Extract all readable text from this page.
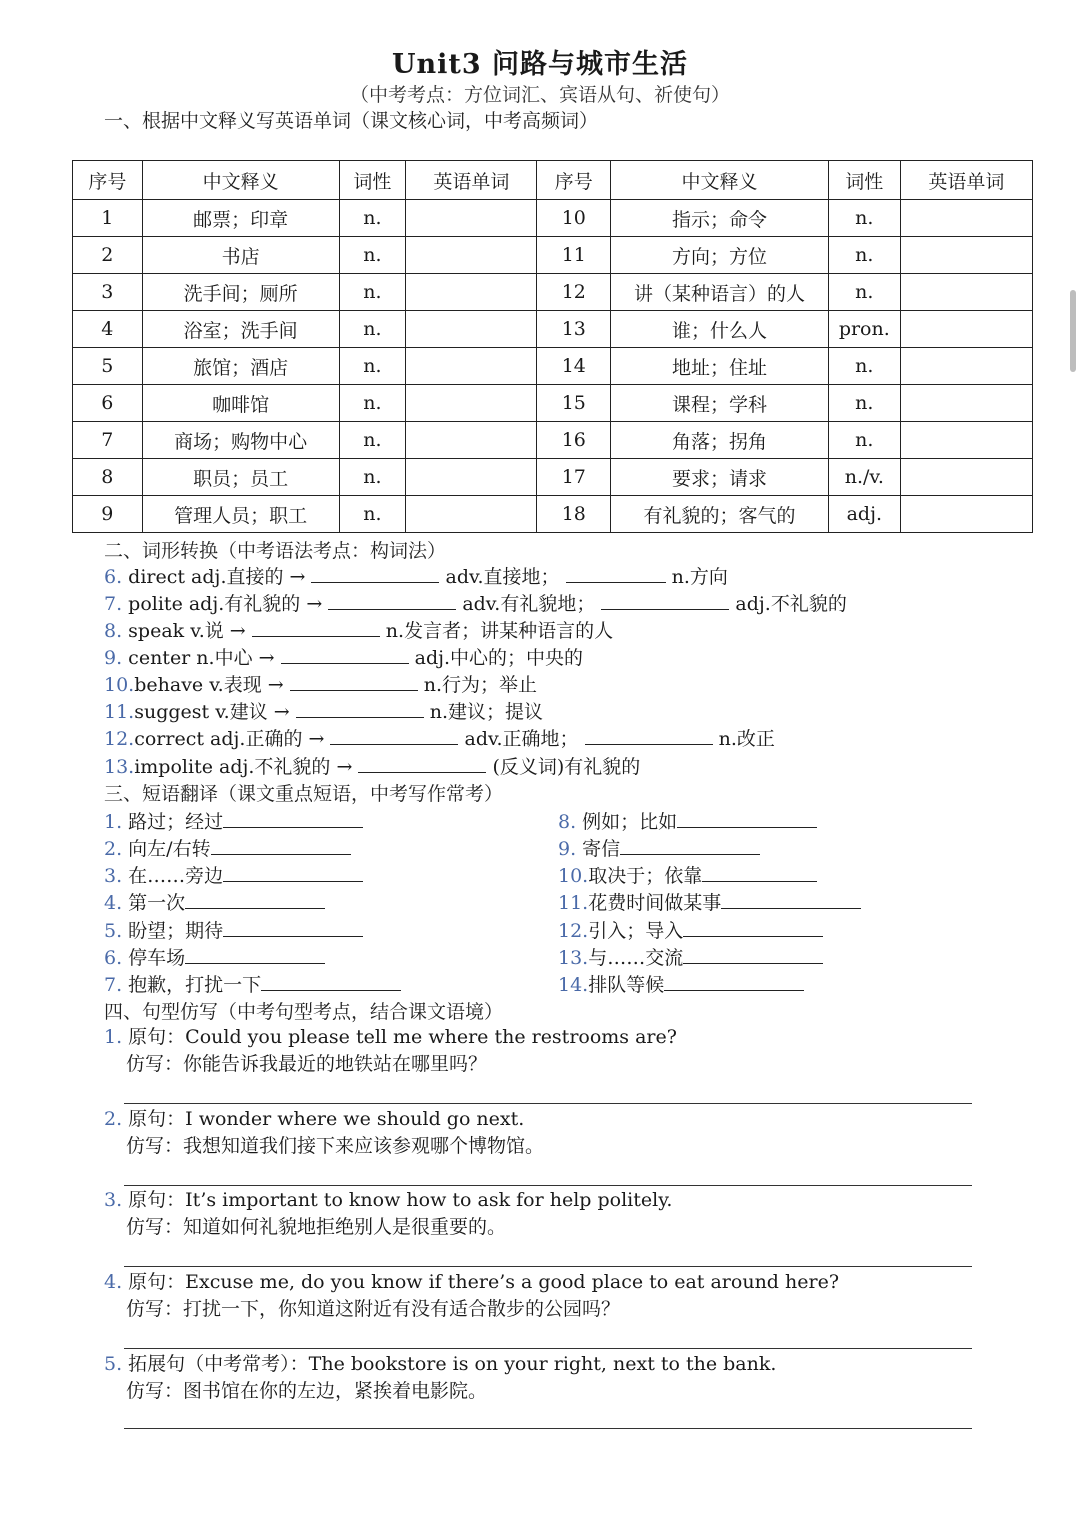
Unit3 问路与城市生活
（中考考点：方位词汇、宾语从句、祈使句）
一、根据中文释义写英语单词（课文核心词，中考高频词）
序号	中文释义	词性	英语单词	序号	中文释义	词性	英语单词
1	邮票；印章	n.		10	指示；命令	n.	
2	书店	n.		11	方向；方位	n.	
3	洗手间；厕所	n.		12	讲（某种语言）的人	n.	
4	浴室；洗手间	n.		13	谁；什么人	pron.	
5	旅馆；酒店	n.		14	地址；住址	n.	
6	咖啡馆	n.		15	课程；学科	n.	
7	商场；购物中心	n.		16	角落；拐角	n.	
8	职员；员工	n.		17	要求；请求	n./v.	
9	管理人员；职工	n.		18	有礼貌的；客气的	adj.	
二、词形转换（中考语法考点：构词法）
6. direct adj.直接的 →	adv.直接地；	n.方向
7. polite adj.有礼貌的 →	adv.有礼貌地；	adj.不礼貌的
8. speak v.说 →	n.发言者；讲某种语言的人
9. center n.中心 →	adj.中心的；中央的
10.behave v.表现 →	n.行为；举止
11.suggest v.建议 →	n.建议；提议
12.correct adj.正确的 →	adv.正确地；	n.改正
13.impolite adj.不礼貌的 →	(反义词)有礼貌的
三、短语翻译（课文重点短语，中考写作常考）
1. 路过；经过
2. 向左/右转
3. 在……旁边
4. 第一次
5. 盼望；期待
6. 停车场
7. 抱歉，打扰一下
8. 例如；比如
9. 寄信
10.取决于；依靠
11.花费时间做某事
12.引入；导入
13.与……交流
14.排队等候
四、句型仿写（中考句型考点，结合课文语境）
1. 原句：Could you please tell me where the restrooms are?
仿写：你能告诉我最近的地铁站在哪里吗？
2. 原句：I wonder where we should go next.
仿写：我想知道我们接下来应该参观哪个博物馆。
3. 原句：It’s important to know how to ask for help politely.
仿写：知道如何礼貌地拒绝别人是很重要的。
4. 原句：Excuse me, do you know if there’s a good place to eat around here?
仿写：打扰一下，你知道这附近有没有适合散步的公园吗？
5. 拓展句（中考常考）：The bookstore is on your right, next to the bank.
仿写：图书馆在你的左边，紧挨着电影院。
